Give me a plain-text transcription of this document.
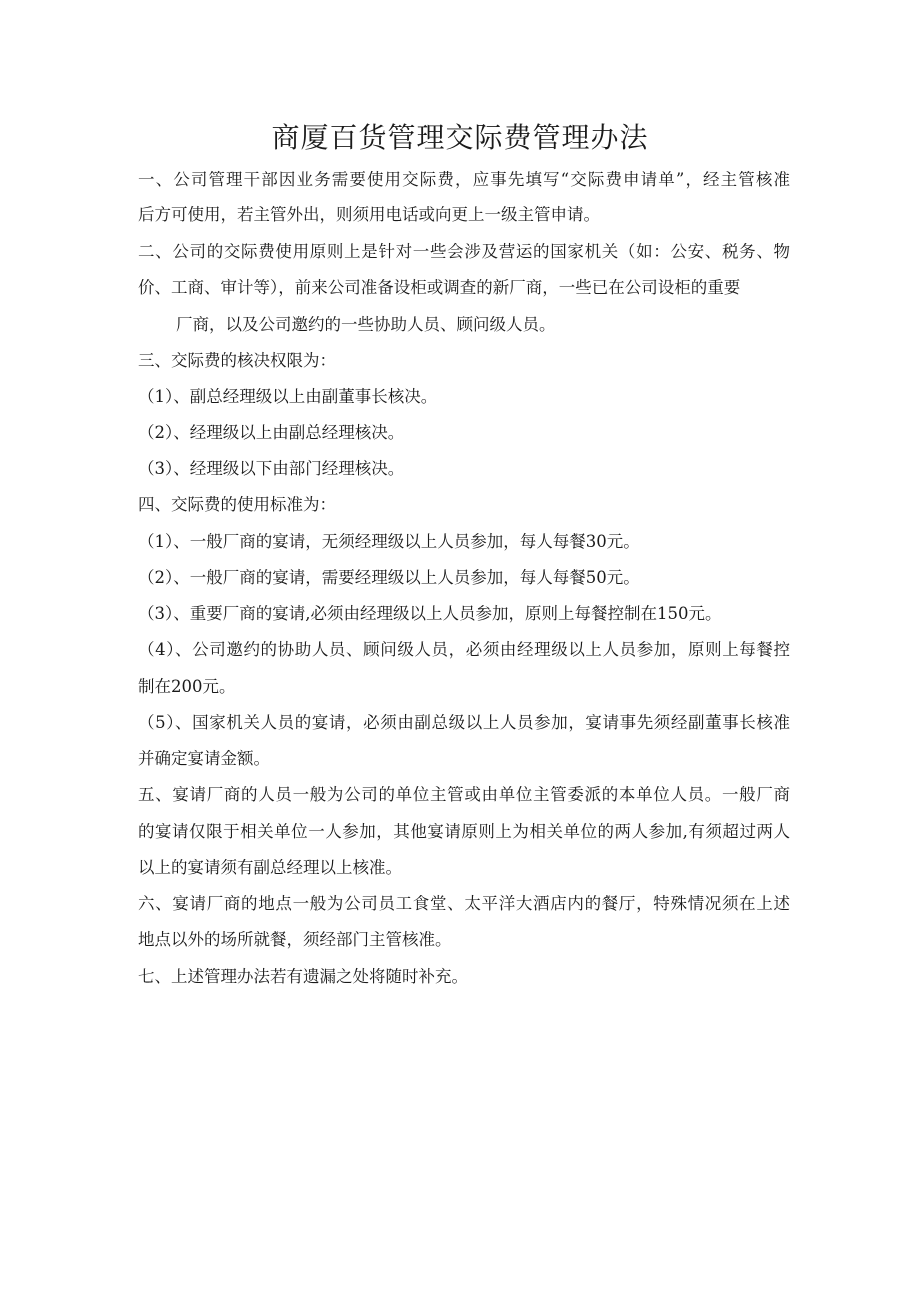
商厦百货管理交际费管理办法
一、公司管理干部因业务需要使用交际费，应事先填写“交际费申请单”，经主管核准
后方可使用，若主管外出，则须用电话或向更上一级主管申请。
二、公司的交际费使用原则上是针对一些会涉及营运的国家机关（如：公安、税务、物
价、工商、审计等），前来公司准备设柜或调查的新厂商，一些已在公司设柜的重要
厂商，以及公司邀约的一些协助人员、顾问级人员。
三、交际费的核决权限为：
（1）、副总经理级以上由副董事长核决。
（2）、经理级以上由副总经理核决。
（3）、经理级以下由部门经理核决。
四、交际费的使用标准为：
（1）、一般厂商的宴请，无须经理级以上人员参加，每人每餐30元。
（2）、一般厂商的宴请，需要经理级以上人员参加，每人每餐50元。
（3）、重要厂商的宴请,必须由经理级以上人员参加，原则上每餐控制在150元。
（4）、公司邀约的协助人员、顾问级人员，必须由经理级以上人员参加，原则上每餐控
制在200元。
（5）、国家机关人员的宴请，必须由副总级以上人员参加，宴请事先须经副董事长核准
并确定宴请金额。
五、宴请厂商的人员一般为公司的单位主管或由单位主管委派的本单位人员。一般厂商
的宴请仅限于相关单位一人参加，其他宴请原则上为相关单位的两人参加,有须超过两人
以上的宴请须有副总经理以上核准。
六、宴请厂商的地点一般为公司员工食堂、太平洋大酒店内的餐厅，特殊情况须在上述
地点以外的场所就餐，须经部门主管核准。
七、上述管理办法若有遗漏之处将随时补充。
